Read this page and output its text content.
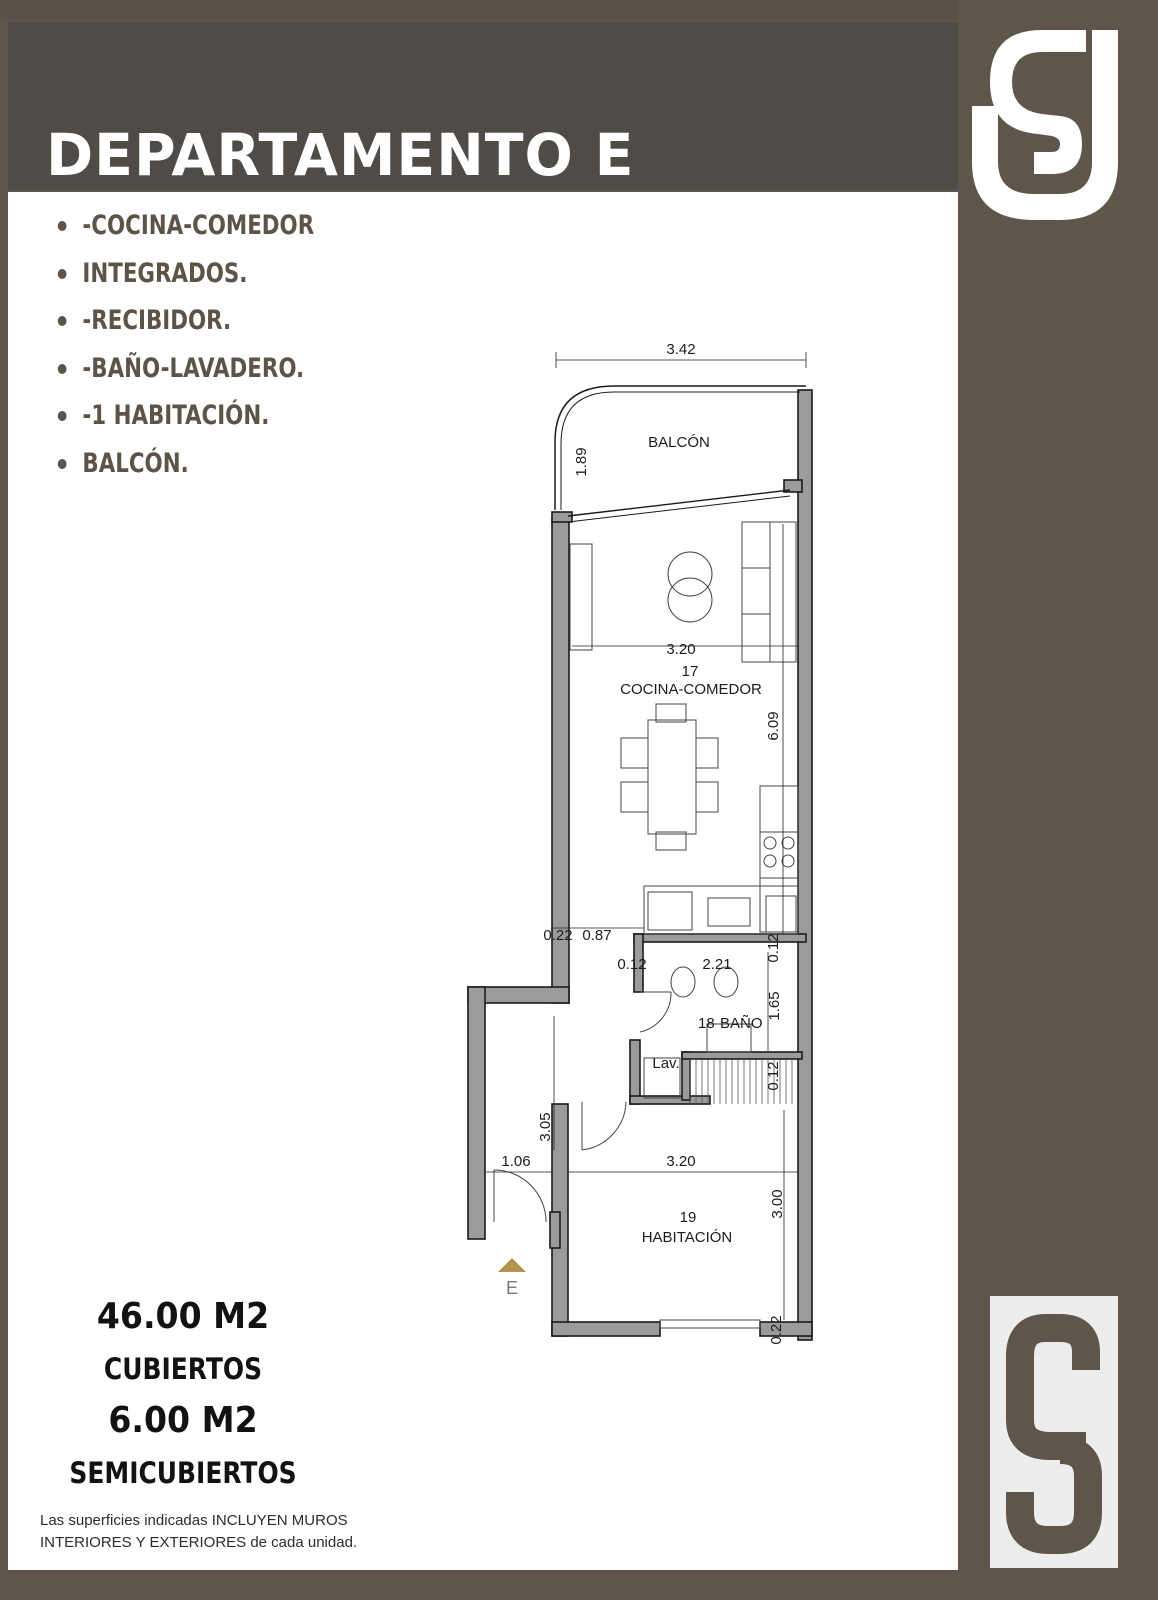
DEPARTAMENTO E
-COCINA-COMEDOR
INTEGRADOS.
-RECIBIDOR.
-BAÑO-LAVADERO.
-1 HABITACIÓN.
BALCÓN.
3.42
1.89
BALCÓN
3.20
17
COCINA-COMEDOR
6.09
0.22 0.87	0.12
0.12	2.21
1.65
18 BAÑO
Lav.	0.12
3.05
1.06	3.20
3.00
19
HABITACIÓN
0.22
E
46.00 M2
CUBIERTOS
6.00 M2
SEMICUBIERTOS
Las superficies indicadas INCLUYEN MUROS
INTERIORES Y EXTERIORES de cada unidad.
